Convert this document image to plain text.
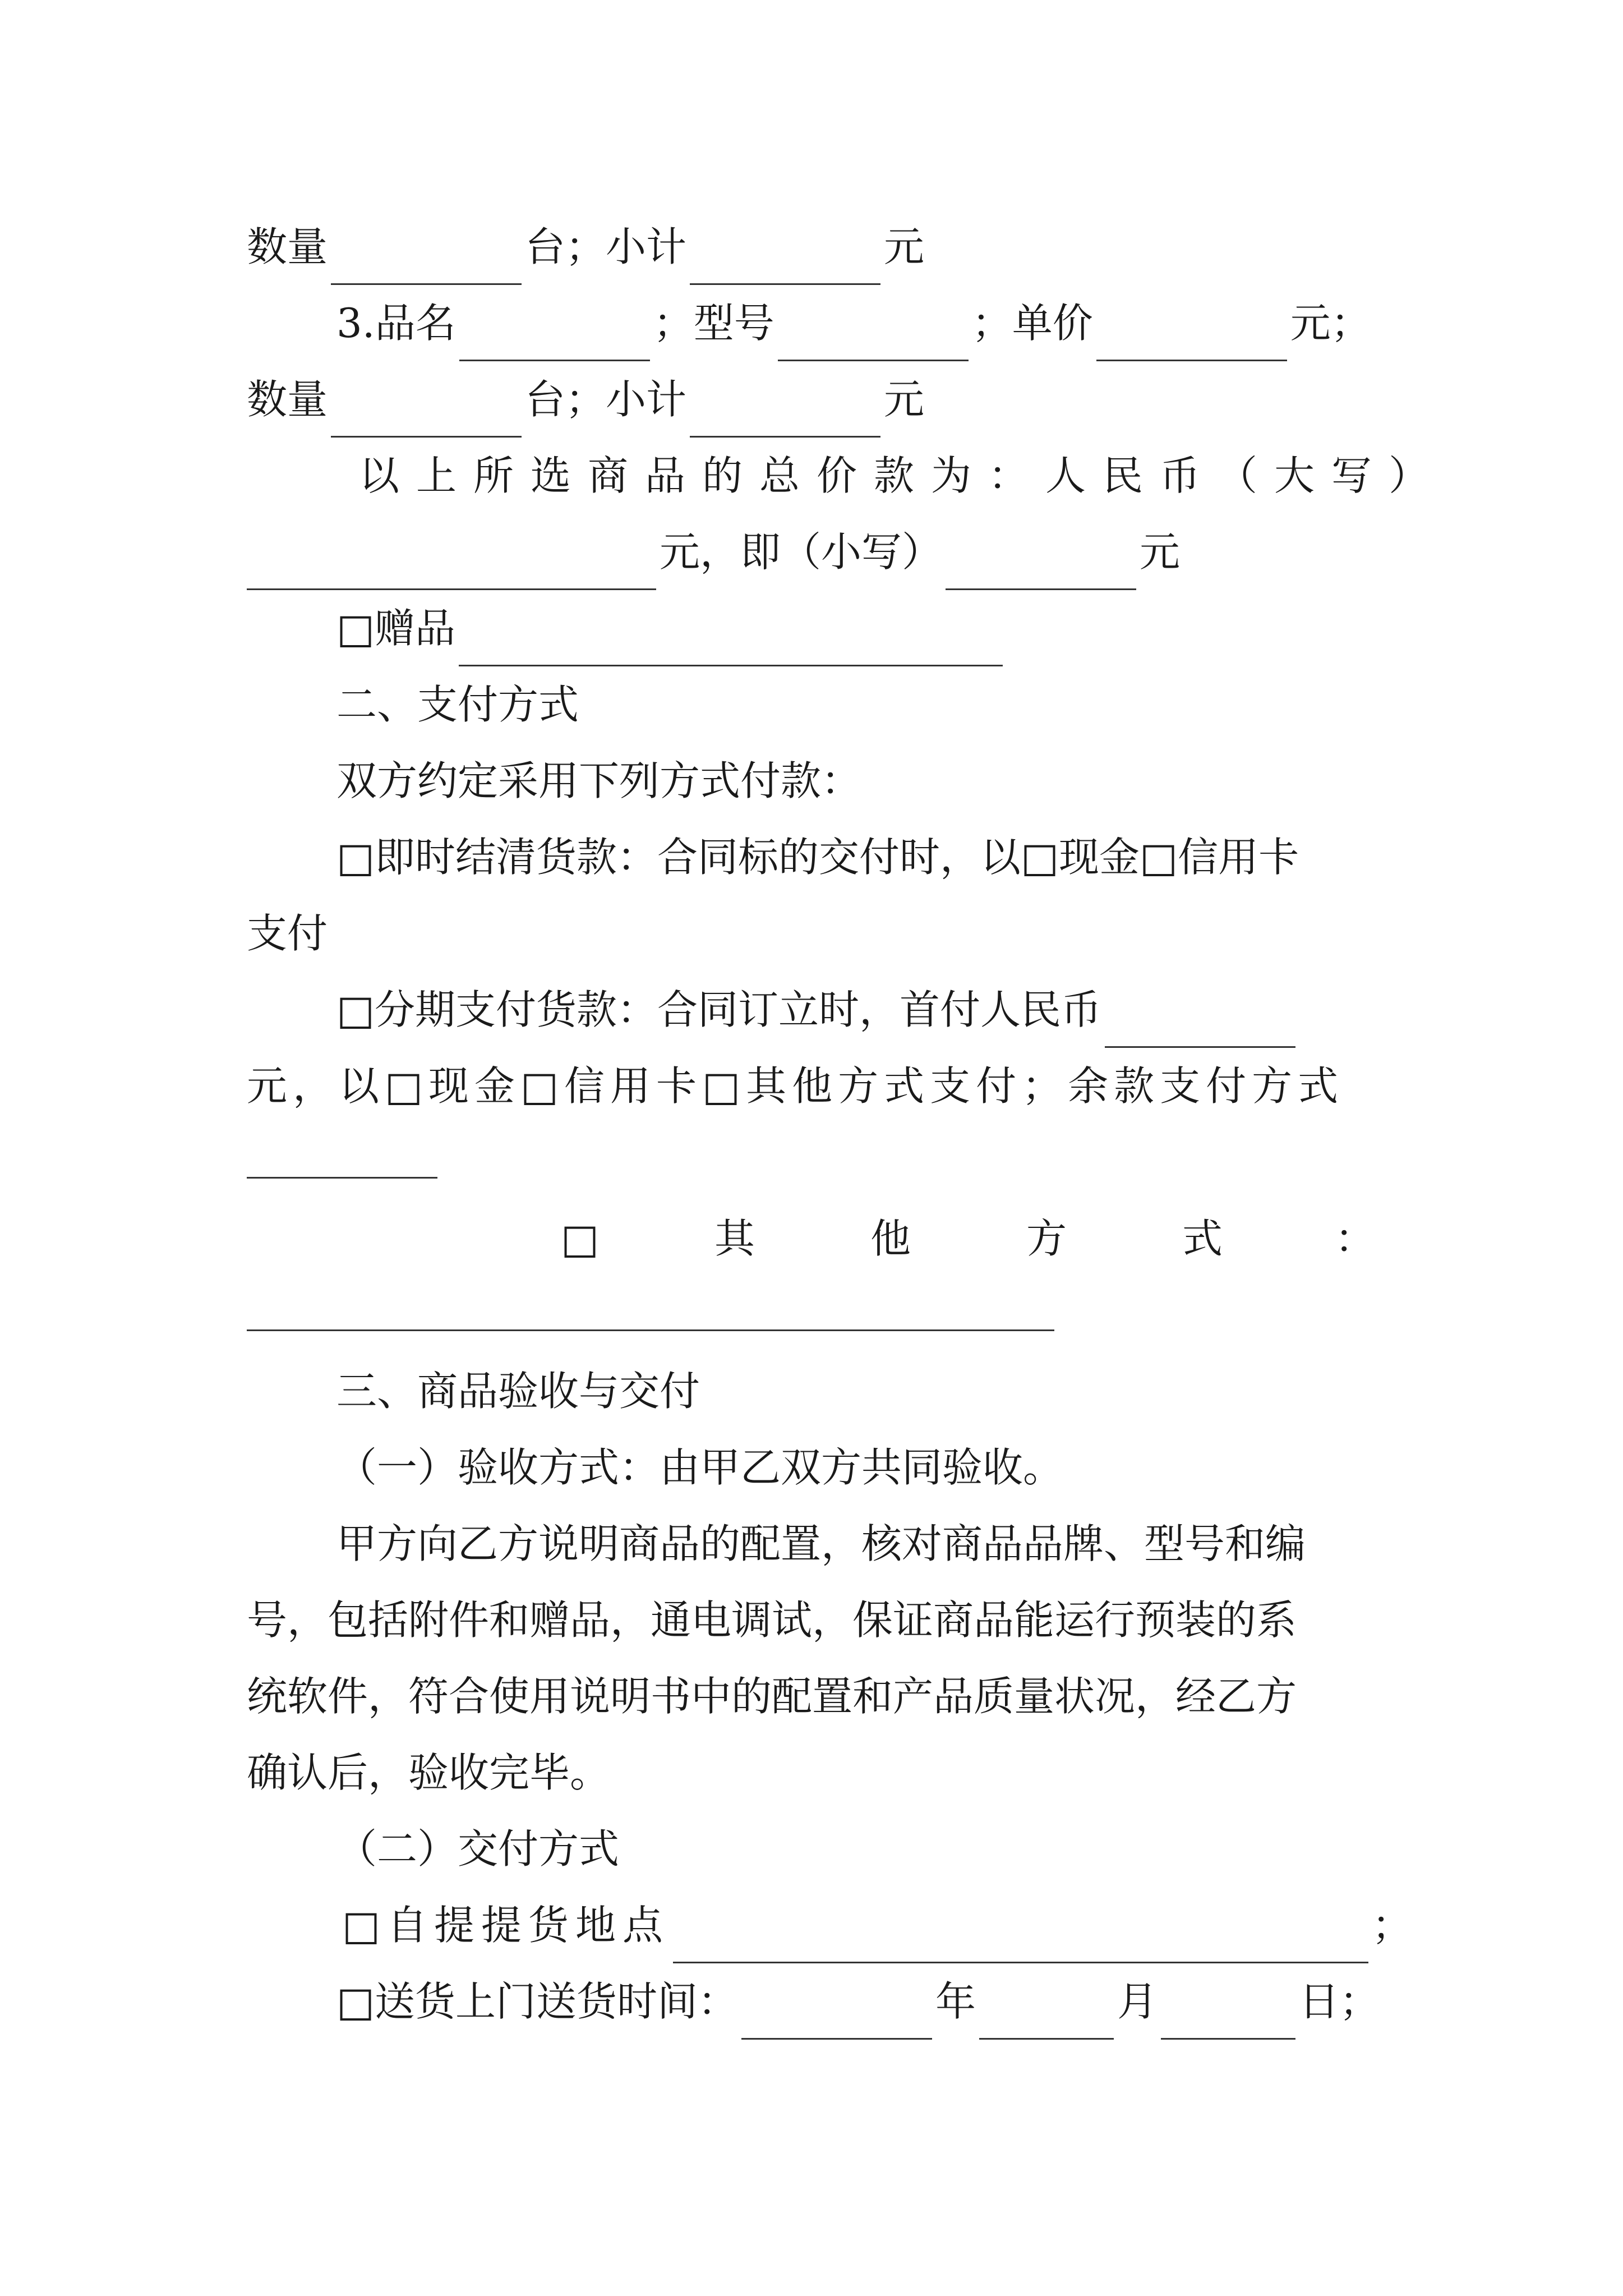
数量	台；小计	元
3.品名	；型号	；单价	元；
数量	台；小计	元
以上所选商品的总价款为：人民币（大写）
元，即（小写）	元
□赠品
二、支付方式
双方约定采用下列方式付款：
□即时结清货款：合同标的交付时，以□现金□信用卡
支付
□分期支付货款：合同订立时，首付人民币
元，以□现金□信用卡□其他方式支付；余款支付方式
□	其	他	方	式	：
三、商品验收与交付
（一）验收方式：由甲乙双方共同验收。
甲方向乙方说明商品的配置，核对商品品牌、型号和编
号，包括附件和赠品，通电调试，保证商品能运行预装的系
统软件，符合使用说明书中的配置和产品质量状况，经乙方
确认后，验收完毕。
（二）交付方式
□自提提货地点	；
□送货上门送货时间：	年	月	日；
